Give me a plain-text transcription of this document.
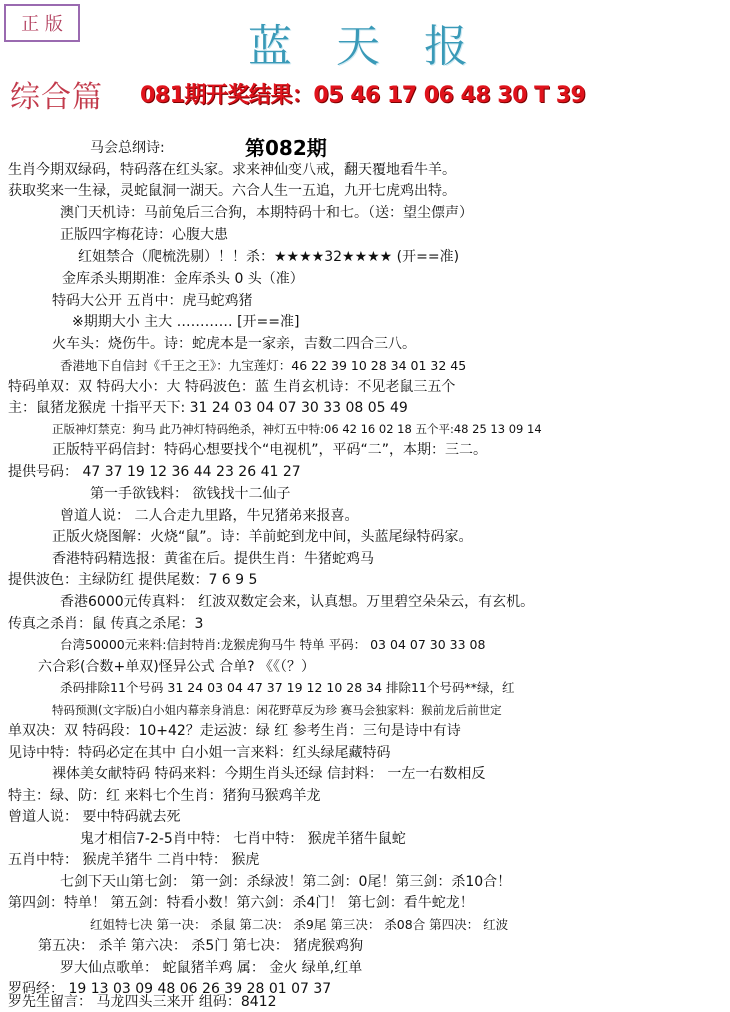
正 版	蓝天报
综合篇 081期开奖结果：05 46 17 06 48 30 T 39
第082期
马会总纲诗:
生肖今期双绿码，特码落在红头家。求来神仙变八戒，翻天覆地看牛羊。
获取奖来一生禄，灵蛇鼠洞一湖天。六合人生一五追，九开七虎鸡出特。
澳门天机诗：马前兔后三合狗，本期特码十和七。（送：望尘僄声）
正版四字梅花诗：心腹大患
红姐禁合（爬梳洗剔）！！杀：★★★★32★★★★ (开==准)
金库杀头期期准：金库杀头 0 头（准）
特码大公开 五肖中：虎马蛇鸡猪
※期期大小 主大 ………… [开==准]
火车头：烧伤牛。诗：蛇虎本是一家亲，吉数二四合三八。
香港地下自信封《千王之王》：九宝莲灯：46 22 39 10 28 34 01 32 45
特码单双：双 特码大小：大 特码波色：蓝 生肖玄机诗：不见老鼠三五个
主：鼠猪龙猴虎 十指平天下: 31 24 03 04 07 30 33 08 05 49
正版神灯禁克：狗马 此乃神灯特码绝杀，神灯五中特:06 42 16 02 18 五个平:48 25 13 09 14
正版特平码信封：特码心想要找个“电视机”，平码“二”，本期：三二。
提供号码： 47 37 19 12 36 44 23 26 41 27
第一手欲钱料： 欲钱找十二仙子
曾道人说： 二人合走九里路，牛兄猪弟来报喜。
正版火烧图解：火烧“鼠”。诗：羊前蛇到龙中间，头蓝尾绿特码家。
香港特码精选报：黄雀在后。提供生肖：牛猪蛇鸡马
提供波色：主绿防红 提供尾数：7 6 9 5
香港6000元传真料： 红波双数定会来，认真想。万里碧空朵朵云，有玄机。
传真之杀肖：鼠 传真之杀尾：3
台湾50000元来料:信封特肖:龙猴虎狗马牛 特单 平码： 03 04 07 30 33 08
六合彩(合数+单双)怪异公式 合单? 《《（？）
杀码排除11个号码 31 24 03 04 47 37 19 12 10 28 34 排除11个号码**绿，红
特码预测(文字版)白小姐内幕亲身消息：闲花野草反为珍 赛马会独家料：猴前龙后前世定
单双决：双 特码段：10+42？走运波：绿 红 参考生肖：三句是诗中有诗
见诗中特：特码必定在其中 白小姐一言来料：红头绿尾藏特码
裸体美女献特码 特码来料：今期生肖头还绿 信封料： 一左一右数相反
特主：绿、防：红 来料七个生肖：猪狗马猴鸡羊龙
曾道人说： 要中特码就去死
鬼才相信7-2-5肖中特： 七肖中特： 猴虎羊猪牛鼠蛇
五肖中特： 猴虎羊猪牛 二肖中特： 猴虎
七剑下天山第七剑： 第一剑：杀绿波！第二剑：0尾！第三剑：杀10合！
第四剑：特单！ 第五剑：特看小数！第六剑：杀4门！ 第七剑：看牛蛇龙！
红姐特七决 第一决： 杀鼠 第二决： 杀9尾 第三决： 杀08合 第四决： 红波
第五决： 杀羊 第六决： 杀5门 第七决： 猪虎猴鸡狗
罗大仙点歌单： 蛇鼠猪羊鸡 属： 金火 绿单,红单
罗码经： 19 13 03 09 48 06 26 39 28 01 07 37
罗先生留言： 马龙四头三来开 组码：8412
